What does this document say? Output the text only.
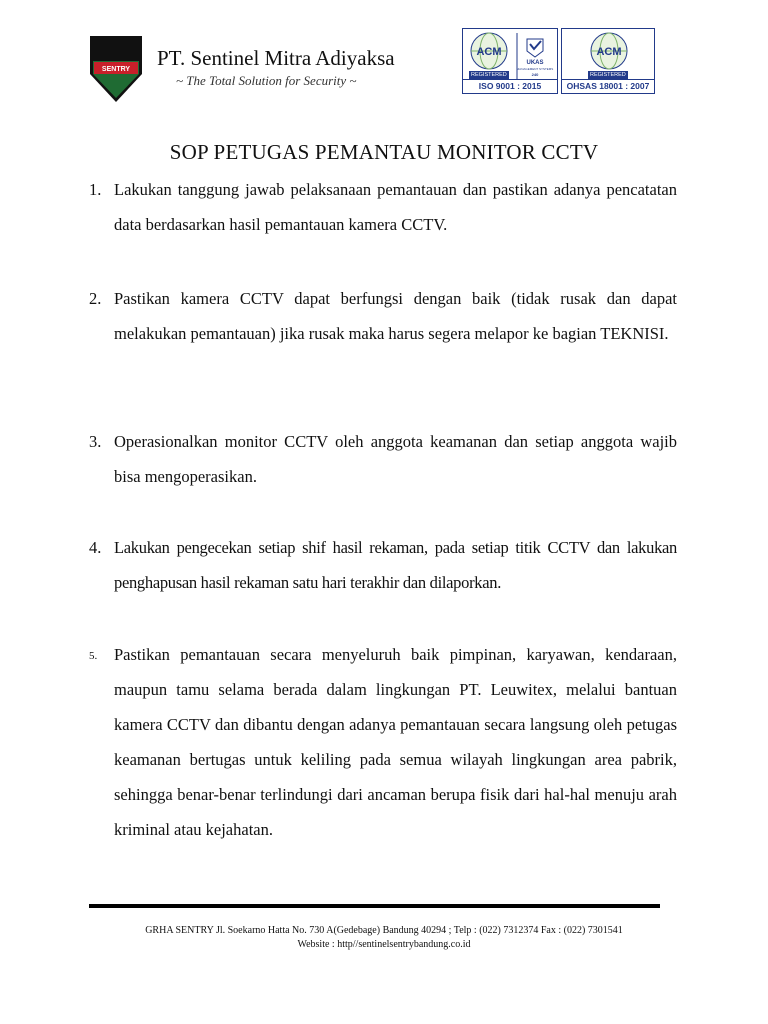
SENTRY PT. Sentinel Mitra Adiyaksa
~ The Total Solution for Security ~
ACM
UKAS
MANAGEMENT SYSTEMS
240
REGISTERED
ISO 9001 : 2015
ACM
REGISTERED
OHSAS 18001 : 2007
SOP PETUGAS PEMANTAU MONITOR CCTV
1. Lakukan tanggung jawab pelaksanaan pemantauan dan pastikan adanya pencatatan data berdasarkan hasil pemantauan kamera CCTV.
2. Pastikan kamera CCTV dapat berfungsi dengan baik (tidak rusak dan dapat melakukan pemantauan) jika rusak maka harus segera melapor ke bagian TEKNISI.
3. Operasionalkan monitor CCTV oleh anggota keamanan dan setiap anggota wajib bisa mengoperasikan.
4. Lakukan pengecekan setiap shif hasil rekaman, pada setiap titik CCTV dan lakukan penghapusan hasil rekaman satu hari terakhir dan dilaporkan.
5. Pastikan pemantauan secara menyeluruh baik pimpinan, karyawan, kendaraan, maupun tamu selama berada dalam lingkungan PT. Leuwitex, melalui bantuan kamera CCTV dan dibantu dengan adanya pemantauan secara langsung oleh petugas keamanan bertugas untuk keliling pada semua wilayah lingkungan area pabrik, sehingga benar-benar terlindungi dari ancaman berupa fisik dari hal-hal menuju arah kriminal atau kejahatan.
GRHA SENTRY Jl. Soekarno Hatta No. 730 A(Gedebage) Bandung 40294 ; Telp : (022) 7312374 Fax : (022) 7301541
Website : http//sentinelsentrybandung.co.id
